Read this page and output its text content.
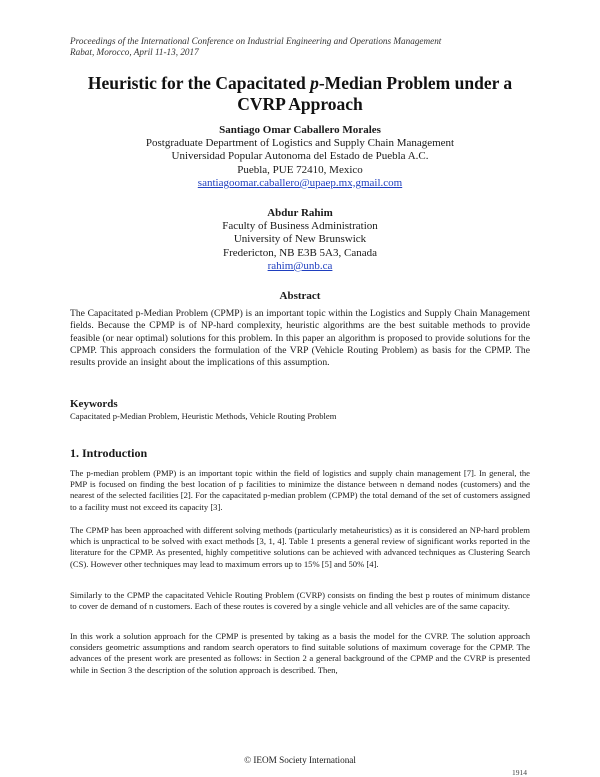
Proceedings of the International Conference on Industrial Engineering and Operations Management
Rabat, Morocco, April 11-13, 2017
Heuristic for the Capacitated p-Median Problem under a
CVRP Approach
Santiago Omar Caballero Morales
Postgraduate Department of Logistics and Supply Chain Management
Universidad Popular Autonoma del Estado de Puebla A.C.
Puebla, PUE 72410, Mexico
santiagoomar.caballero@upaep.mx,gmail.com
Abdur Rahim
Faculty of Business Administration
University of New Brunswick
Fredericton, NB E3B 5A3, Canada
rahim@unb.ca
Abstract
The Capacitated p-Median Problem (CPMP) is an important topic within the Logistics and Supply Chain Management fields. Because the CPMP is of NP-hard complexity, heuristic algorithms are the best suitable methods to provide feasible (or near optimal) solutions for this problem. In this paper an algorithm is proposed to provide solutions for the CPMP. This approach considers the formulation of the VRP (Vehicle Routing Problem) as basis for the CPMP. The results provide an insight about the implications of this assumption.
Keywords
Capacitated p-Median Problem, Heuristic Methods, Vehicle Routing Problem
1. Introduction
The p-median problem (PMP) is an important topic within the field of logistics and supply chain management [7]. In general, the PMP is focused on finding the best location of p facilities to minimize the distance between n demand nodes (customers) and the nearest of the selected facilities [2]. For the capacitated p-median problem (CPMP) the total demand of the set of customers assigned to a facility must not exceed its capacity [3].
The CPMP has been approached with different solving methods (particularly metaheuristics) as it is considered an NP-hard problem which is unpractical to be solved with exact methods [3, 1, 4]. Table 1 presents a general review of significant works reported in the literature for the CPMP. As presented, highly competitive solutions can be achieved with advanced techniques as Clustering Search (CS). However other techniques may lead to maximum errors up to 15% [5] and 50% [4].
Similarly to the CPMP the capacitated Vehicle Routing Problem (CVRP) consists on finding the best p routes of minimum distance to cover de demand of n customers. Each of these routes is covered by a single vehicle and all vehicles are of the same capacity.
In this work a solution approach for the CPMP is presented by taking as a basis the model for the CVRP. The solution approach considers geometric assumptions and random search operators to find suitable solutions of maximum coverage for the CPMP. The advances of the present work are presented as follows: in Section 2 a general background of the CPMP and the CVRP is presented while in Section 3 the description of the solution approach is described. Then,
© IEOM Society International
1914
